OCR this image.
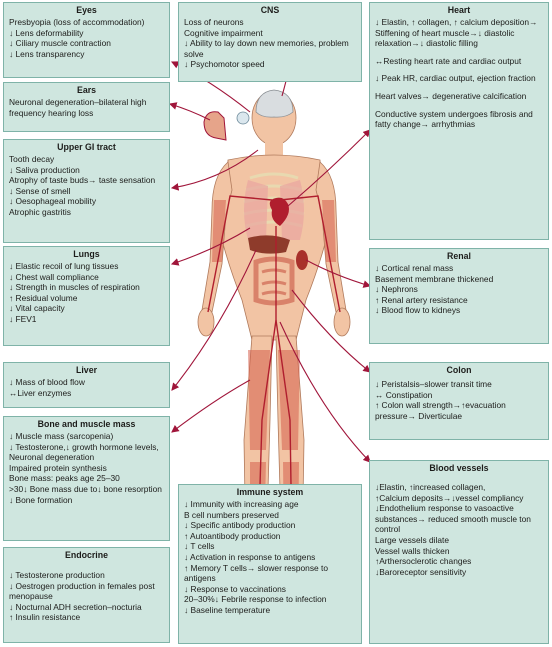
Eyes
Presbyopia (loss of accommodation)
↓ Lens deformability
↓ Ciliary muscle contraction
↓ Lens transparency
Ears
Neuronal degeneration–bilateral high frequency hearing loss
Upper GI tract
Tooth decay
↓ Saliva production
Atrophy of taste buds→ taste sensation
↓ Sense of smell
↓ Oesophageal mobility
Atrophic gastritis
Lungs
↓ Elastic recoil of lung tissues
↓ Chest wall compliance
↓ Strength in muscles of respiration
↑ Residual volume
↓ Vital capacity
↓ FEV1
Liver
↓ Mass of blood flow
↔Liver enzymes
Bone and muscle mass
↓ Muscle mass (sarcopenia)
↓ Testosterone,↓ growth hormone levels, Neuronal degeneration
Impaired protein synthesis
Bone mass: peaks age 25–30
>30↓ Bone mass due to↓ bone resorption ↓ Bone formation
Endocrine
↓ Testosterone production
↓ Oestrogen production in females post menopause
↓ Nocturnal ADH secretion–nocturia
↑ Insulin resistance
CNS
Loss of neurons
Cognitive impairment
↓ Ability to lay down new memories, problem solve
↓ Psychomotor speed
Immune system
↓ Immunity with increasing age
B cell numbers preserved
↓ Specific antibody production
↑ Autoantibody production
↓ T cells
↓ Activation in response to antigens
↑ Memory T cells→ slower response to antigens
↓ Response to vaccinations
20–30%↓ Febrile response to infection
↓ Baseline temperature
Heart
↓ Elastin, ↑ collagen, ↑ calcium deposition→ Stiffening of heart muscle→↓ diastolic relaxation→↓ diastolic filling
↔Resting heart rate and cardiac output
↓ Peak HR, cardiac output, ejection fraction
Heart valves→ degenerative calcification
Conductive system undergoes fibrosis and fatty change→ arrhythmias
Renal
↓ Cortical renal mass
Basement membrane thickened
↓ Nephrons
↑ Renal artery resistance
↓ Blood flow to kidneys
Colon
↓ Peristalsis–slower transit time
↔ Constipation
↑ Colon wall strength→↑evacuation pressure→ Diverticulae
Blood vessels
↓Elastin, ↑increased collagen,
↑Calcium deposits→↓vessel compliancy
↓Endothelium response to vasoactive substances→ reduced smooth muscle ton control
Large vessels dilate
Vessel walls thicken
↑Arthersoclerotic changes
↓Baroreceptor sensitivity
